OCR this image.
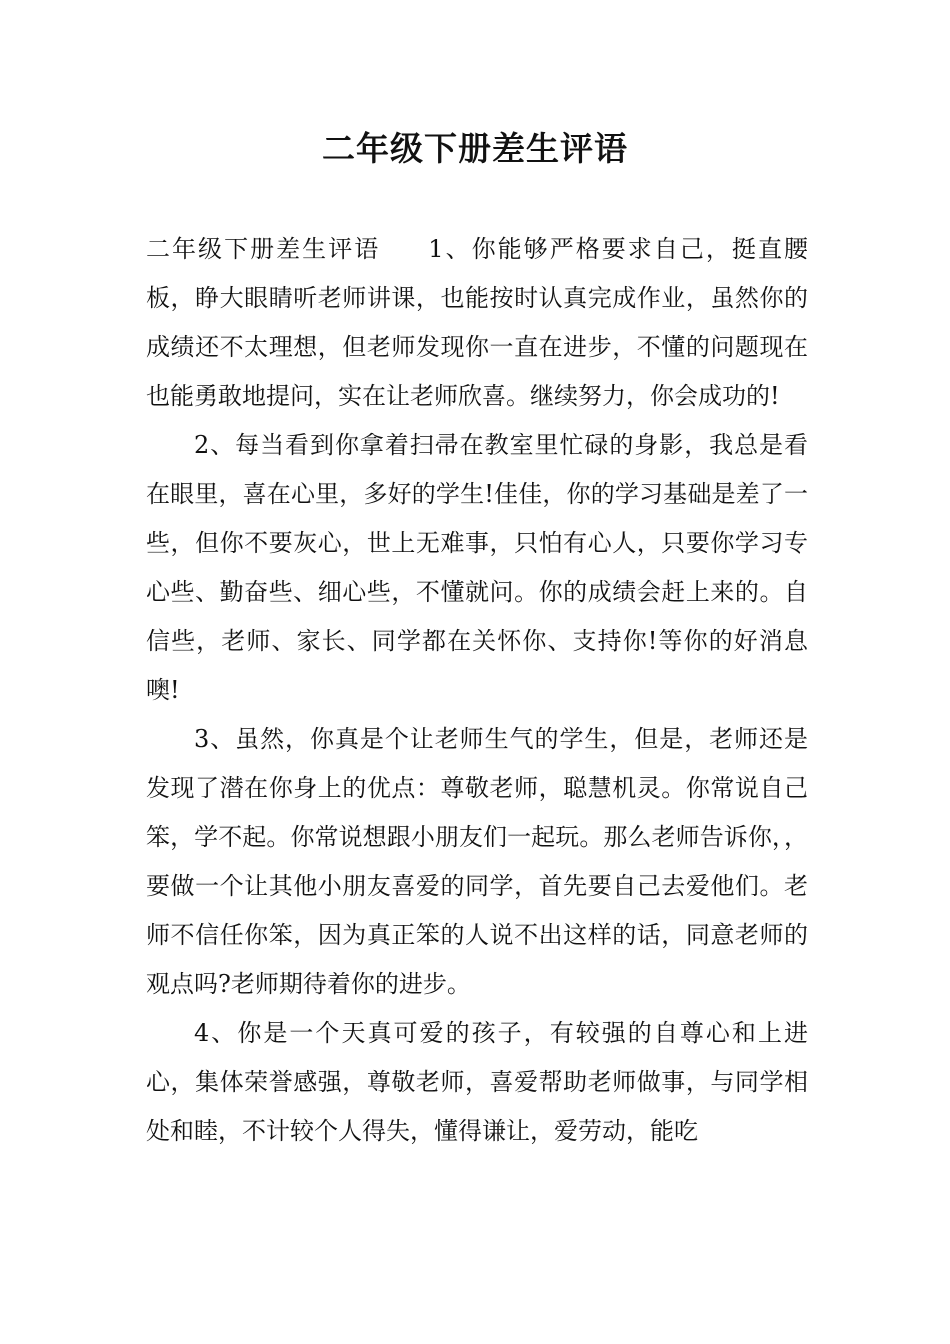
二年级下册差生评语

二年级下册差生评语 1、你能够严格要求自己，挺直腰板，睁大眼睛听老师讲课，也能按时认真完成作业，虽然你的成绩还不太理想，但老师发现你一直在进步，不懂的问题现在也能勇敢地提问，实在让老师欣喜。继续努力，你会成功的!

2、每当看到你拿着扫帚在教室里忙碌的身影，我总是看在眼里，喜在心里，多好的学生!佳佳，你的学习基础是差了一些，但你不要灰心，世上无难事，只怕有心人，只要你学习专心些、勤奋些、细心些，不懂就问。你的成绩会赶上来的。自信些，老师、家长、同学都在关怀你、支持你!等你的好消息噢!

3、虽然，你真是个让老师生气的学生，但是，老师还是发现了潜在你身上的优点：尊敬老师，聪慧机灵。你常说自己笨，学不起。你常说想跟小朋友们一起玩。那么老师告诉你，，要做一个让其他小朋友喜爱的同学，首先要自己去爱他们。老师不信任你笨，因为真正笨的人说不出这样的话，同意老师的观点吗?老师期待着你的进步。

4、你是一个天真可爱的孩子，有较强的自尊心和上进心，集体荣誉感强，尊敬老师，喜爱帮助老师做事，与同学相处和睦，不计较个人得失，懂得谦让，爱劳动，能吃
